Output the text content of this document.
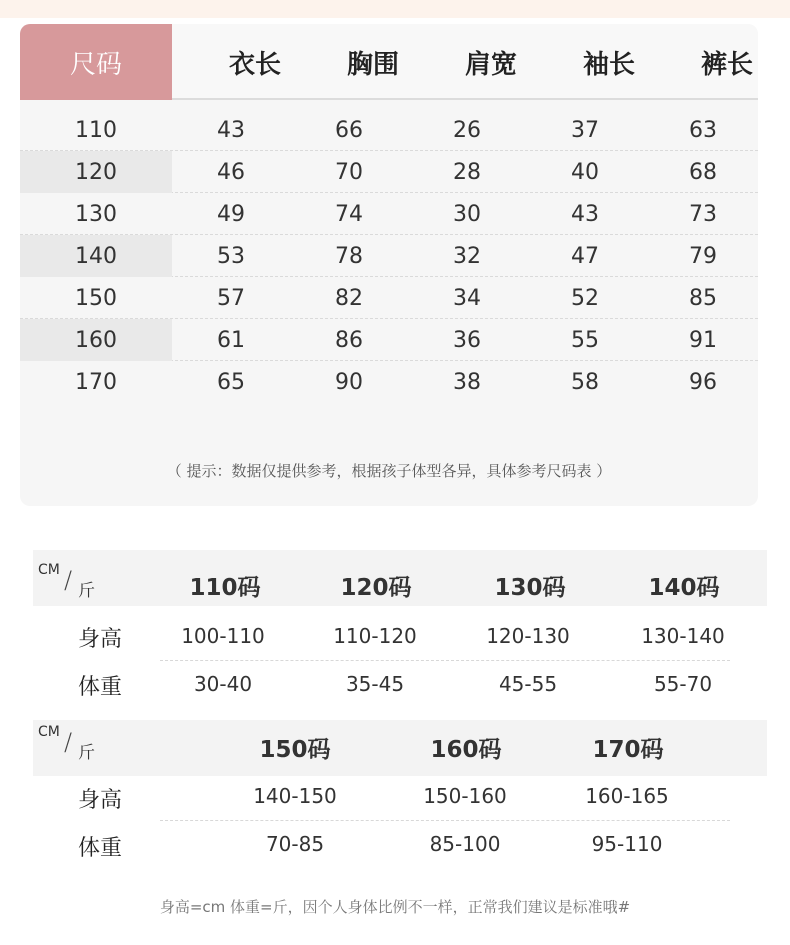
尺码	衣长	胸围	肩宽	袖长	裤长
110	43	66	26	37	63
120	46	70	28	40	68
130	49	74	30	43	73
140	53	78	32	47	79
150	57	82	34	52	85
160	61	86	36	55	91
170	65	90	38	58	96
（ 提示：数据仅提供参考，根据孩子体型各异，具体参考尺码表 ）
CM / 斤	110码	120码	130码	140码
身高	100-110	110-120	120-130	130-140
体重	30-40	35-45	45-55	55-70
CM / 斤	150码	160码	170码
身高	140-150	150-160	160-165
体重	70-85	85-100	95-110
身高=cm 体重=斤，因个人身体比例不一样，正常我们建议是标准哦#
